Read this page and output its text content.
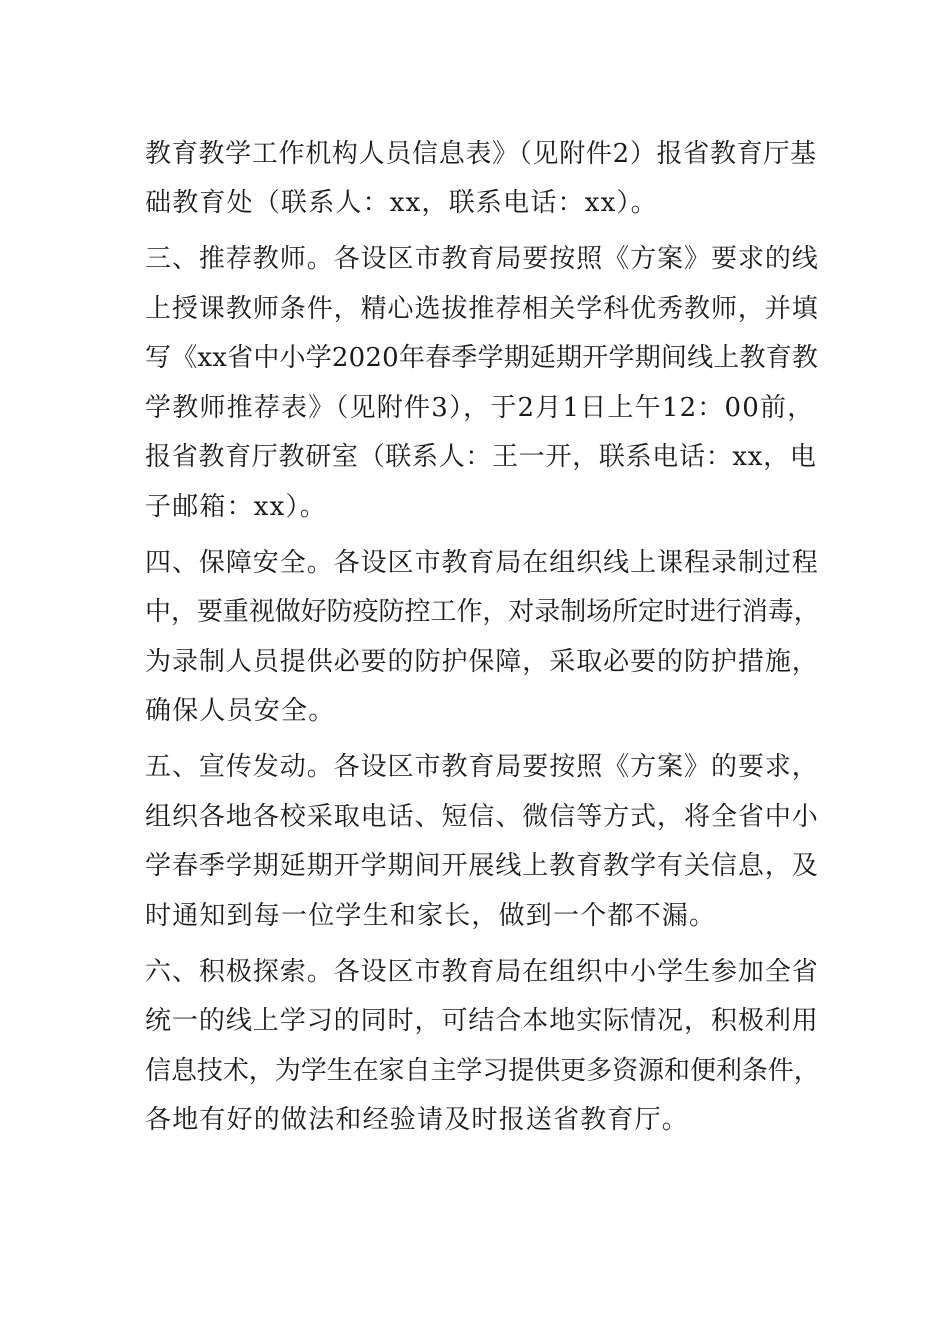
教育教学工作机构人员信息表》（见附件2）报省教育厅基
础教育处（联系人：xx，联系电话：xx）。
三、推荐教师。各设区市教育局要按照《方案》要求的线
上授课教师条件，精心选拔推荐相关学科优秀教师，并填
写《xx省中小学2020年春季学期延期开学期间线上教育教
学教师推荐表》（见附件3），于2月1日上午12：00前，
报省教育厅教研室（联系人：王一开，联系电话：xx，电
子邮箱：xx）。
四、保障安全。各设区市教育局在组织线上课程录制过程
中，要重视做好防疫防控工作，对录制场所定时进行消毒，
为录制人员提供必要的防护保障，采取必要的防护措施，
确保人员安全。
五、宣传发动。各设区市教育局要按照《方案》的要求，
组织各地各校采取电话、短信、微信等方式，将全省中小
学春季学期延期开学期间开展线上教育教学有关信息，及
时通知到每一位学生和家长，做到一个都不漏。
六、积极探索。各设区市教育局在组织中小学生参加全省
统一的线上学习的同时，可结合本地实际情况，积极利用
信息技术，为学生在家自主学习提供更多资源和便利条件，
各地有好的做法和经验请及时报送省教育厅。
